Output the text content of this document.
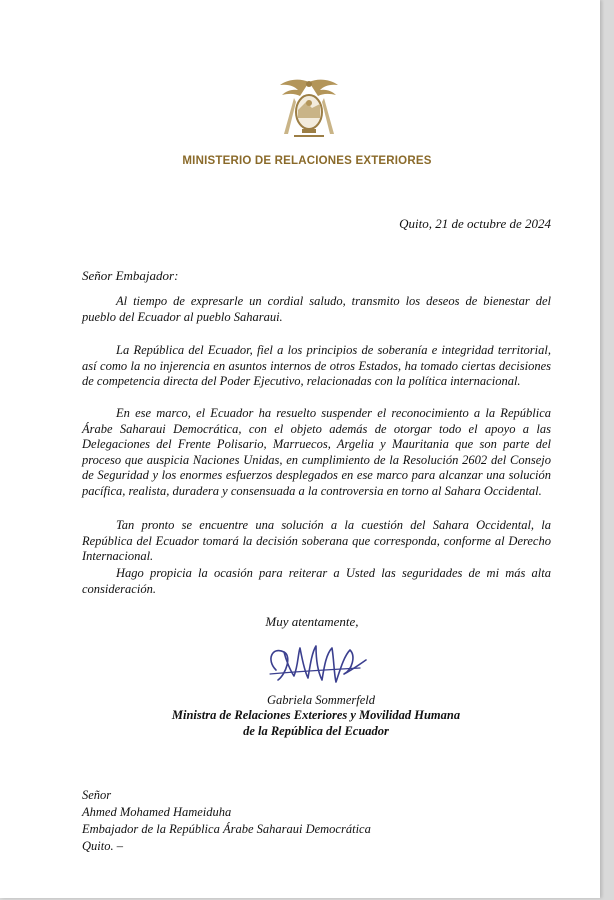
MINISTERIO DE RELACIONES EXTERIORES
Quito, 21 de octubre de 2024
Señor Embajador:

Al tiempo de expresarle un cordial saludo, transmito los deseos de bienestar del pueblo del Ecuador al pueblo Saharaui.

La República del Ecuador, fiel a los principios de soberanía e integridad territorial, así como la no injerencia en asuntos internos de otros Estados, ha tomado ciertas decisiones de competencia directa del Poder Ejecutivo, relacionadas con la política internacional.

En ese marco, el Ecuador ha resuelto suspender el reconocimiento a la República Árabe Saharaui Democrática, con el objeto además de otorgar todo el apoyo a las Delegaciones del Frente Polisario, Marruecos, Argelia y Mauritania que son parte del proceso que auspicia Naciones Unidas, en cumplimiento de la Resolución 2602 del Consejo de Seguridad y los enormes esfuerzos desplegados en ese marco para alcanzar una solución pacífica, realista, duradera y consensuada a la controversia en torno al Sahara Occidental.

Tan pronto se encuentre una solución a la cuestión del Sahara Occidental, la República del Ecuador tomará la decisión soberana que corresponda, conforme al Derecho Internacional.

Hago propicia la ocasión para reiterar a Usted las seguridades de mi más alta consideración.

Muy atentamente,
Gabriela Sommerfeld
Ministra de Relaciones Exteriores y Movilidad Humana
de la República del Ecuador
Señor
Ahmed Mohamed Hameiduha
Embajador de la República Árabe Saharaui Democrática
Quito. –
